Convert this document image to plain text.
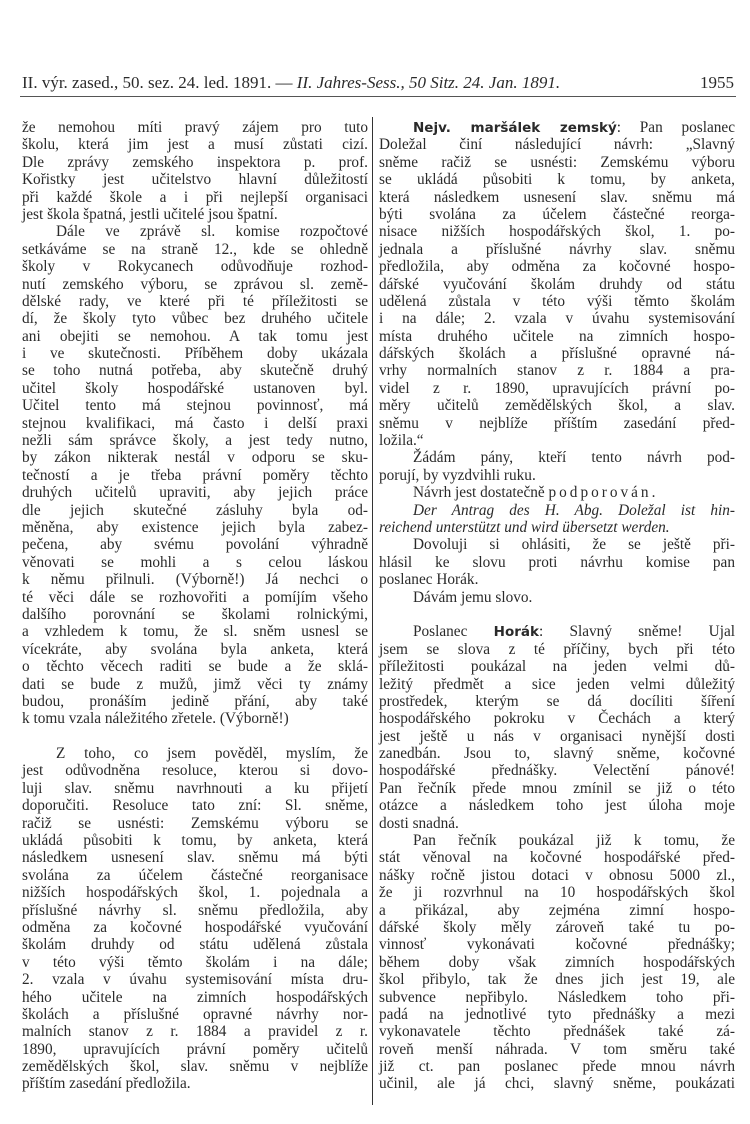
II. výr. zased., 50. sez. 24. led. 1891. —
II. Jahres-Sess., 50 Sitz. 24. Jan. 1891.	1955
že nemohou míti pravý zájem pro tuto
školu, která jim jest a musí zůstati cizí.
Dle zprávy zemského inspektora p. prof.
Kořistky jest učitelstvo hlavní důležitostí
při každé škole a i při nejlepší organisaci
jest škola špatná, jestli učitelé jsou špatní.
Dále ve zprávě sl. komise rozpočtové
setkáváme se na straně 12., kde se ohledně
školy v Rokycanech odůvodňuje rozhod-
nutí zemského výboru, se zprávou sl. země-
dělské rady, ve které při té příležitosti se
dí, že školy tyto vůbec bez druhého učitele
ani obejiti se nemohou. A tak tomu jest
i ve skutečnosti. Příběhem doby ukázala
se toho nutná potřeba, aby skutečně druhý
učitel školy hospodářské ustanoven byl.
Učitel tento má stejnou povinnosť, má
stejnou kvalifikaci, má často i delší praxi
nežli sám správce školy, a jest tedy nutno,
by zákon nikterak nestál v odporu se sku-
tečností a je třeba právní poměry těchto
druhých učitelů upraviti, aby jejich práce
dle jejich skutečné zásluhy byla od-
měněna, aby existence jejich byla zabez-
pečena, aby svému povolání výhradně
věnovati se mohli a s celou láskou
k němu přilnuli. (Výborně!) Já nechci o
té věci dále se rozhovořiti a pomíjím všeho
dalšího porovnání se školami rolnickými,
a vzhledem k tomu, že sl. sněm usnesl se
vícekráte, aby svolána byla anketa, která
o těchto věcech raditi se bude a že sklá-
dati se bude z mužů, jimž věci ty známy
budou, pronáším jedině přání, aby také
k tomu vzala náležitého zřetele. (Výborně!)
Z toho, co jsem pověděl, myslím, že
jest odůvodněna resoluce, kterou si dovo-
luji slav. sněmu navrhnouti a ku přijetí
doporučiti. Resoluce tato zní: Sl. sněme,
račiž se usnésti: Zemskému výboru se
ukládá působiti k tomu, by anketa, která
následkem usnesení slav. sněmu má býti
svolána za účelem částečné reorganisace
nižších hospodářských škol, 1. pojednala a
příslušné návrhy sl. sněmu předložila, aby
odměna za kočovné hospodářské vyučování
školám druhdy od státu udělená zůstala
v této výši těmto školám i na dále;
2. vzala v úvahu systemisování místa dru-
hého učitele na zimních hospodářských
školách a příslušné opravné návrhy nor-
malních stanov z r. 1884 a pravidel z r.
1890, upravujících právní poměry učitelů
zemědělských škol, slav. sněmu v nejblíže
příštím zasedání předložila.
Nejv. maršálek zemský: Pan poslanec
Doležal činí následující návrh: „Slavný
sněme račiž se usnésti: Zemskému výboru
se ukládá působiti k tomu, by anketa,
která následkem usnesení slav. sněmu má
býti svolána za účelem částečné reorga-
nisace nižších hospodářských škol, 1. po-
jednala a příslušné návrhy slav. sněmu
předložila, aby odměna za kočovné hospo-
dářské vyučování školám druhdy od státu
udělená zůstala v této výši těmto školám
i na dále; 2. vzala v úvahu systemisování
místa druhého učitele na zimních hospo-
dářských školách a příslušné opravné ná-
vrhy normalních stanov z r. 1884 a pra-
videl z r. 1890, upravujících právní po-
měry učitelů zemědělských škol, a slav.
sněmu v nejblíže příštím zasedání před-
ložila.“
Žádám pány, kteří tento návrh pod-
porují, by vyzdvihli ruku.
Návrh jest dostatečně podporován.
Der Antrag des H. Abg. Doležal ist hin-
reichend unterstützt und wird übersetzt werden.
Dovoluji si ohlásiti, že se ještě při-
hlásil ke slovu proti návrhu komise pan
poslanec Horák.
Dávám jemu slovo.
Poslanec Horák: Slavný sněme! Ujal
jsem se slova z té příčiny, bych při této
příležitosti poukázal na jeden velmi dů-
ležitý předmět a sice jeden velmi důležitý
prostředek, kterým se dá docíliti šíření
hospodářského pokroku v Čechách a který
jest ještě u nás v organisaci nynější dosti
zanedbán. Jsou to, slavný sněme, kočovné
hospodářské přednášky. Velectění pánové!
Pan řečník přede mnou zmínil se již o této
otázce a následkem toho jest úloha moje
dosti snadná.
Pan řečník poukázal již k tomu, že
stát věnoval na kočovné hospodářské před-
nášky ročně jistou dotaci v obnosu 5000 zl.,
že ji rozvrhnul na 10 hospodářských škol
a přikázal, aby zejména zimní hospo-
dářské školy měly zároveň také tu po-
vinnosť vykonávati kočovné přednášky;
během doby však zimních hospodářských
škol přibylo, tak že dnes jich jest 19, ale
subvence nepřibylo. Následkem toho při-
padá na jednotlivé tyto přednášky a mezi
vykonavatele těchto přednášek také zá-
roveň menší náhrada. V tom směru také
již ct. pan poslanec přede mnou návrh
učinil, ale já chci, slavný sněme, poukázati
